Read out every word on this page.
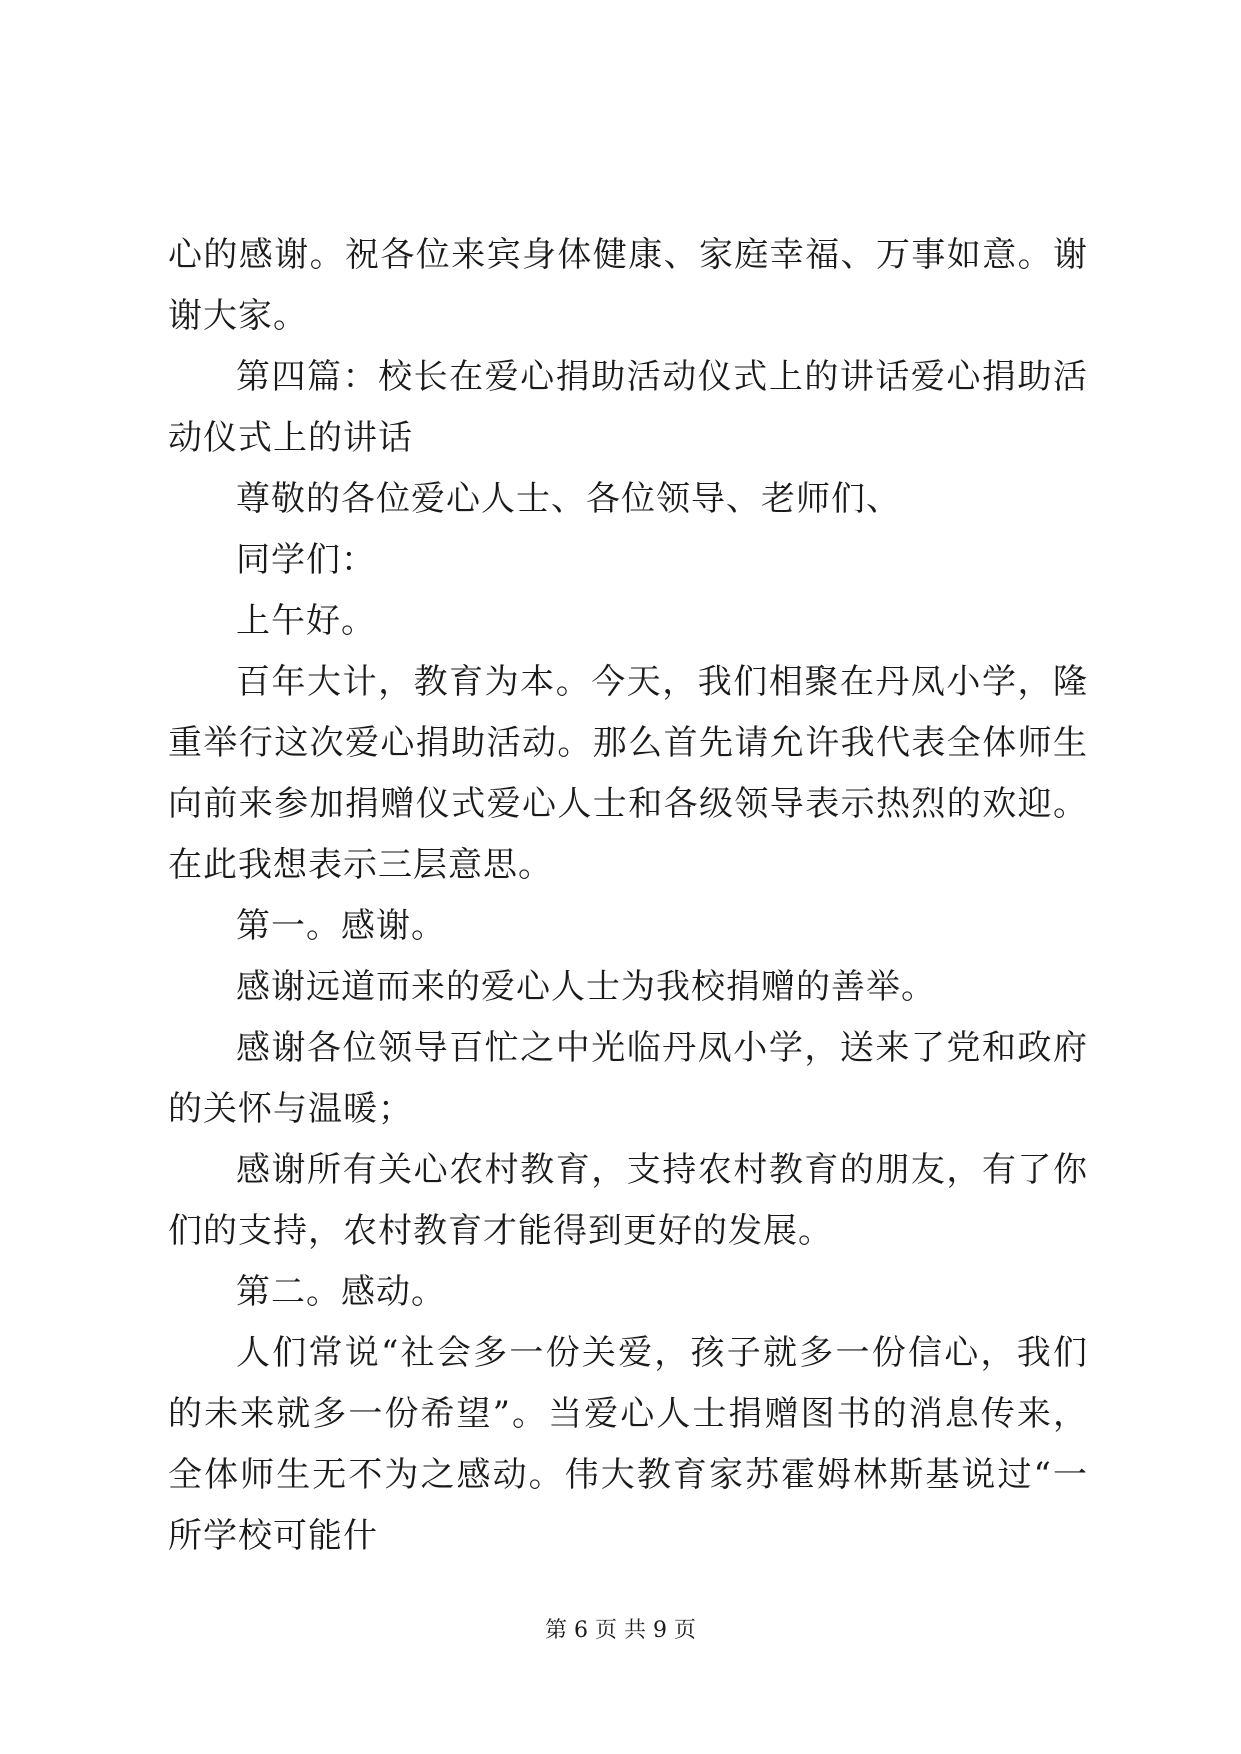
心的感谢。祝各位来宾身体健康、家庭幸福、万事如意。谢谢大家。

第四篇：校长在爱心捐助活动仪式上的讲话爱心捐助活动仪式上的讲话

尊敬的各位爱心人士、各位领导、老师们、

同学们：

上午好。

百年大计，教育为本。今天，我们相聚在丹凤小学，隆重举行这次爱心捐助活动。那么首先请允许我代表全体师生向前来参加捐赠仪式爱心人士和各级领导表示热烈的欢迎。在此我想表示三层意思。

第一。感谢。

感谢远道而来的爱心人士为我校捐赠的善举。

感谢各位领导百忙之中光临丹凤小学，送来了党和政府的关怀与温暖；

感谢所有关心农村教育，支持农村教育的朋友，有了你们的支持，农村教育才能得到更好的发展。

第二。感动。

人们常说“社会多一份关爱，孩子就多一份信心，我们的未来就多一份希望”。当爱心人士捐赠图书的消息传来，全体师生无不为之感动。伟大教育家苏霍姆林斯基说过“一所学校可能什

第 6 页 共 9 页
